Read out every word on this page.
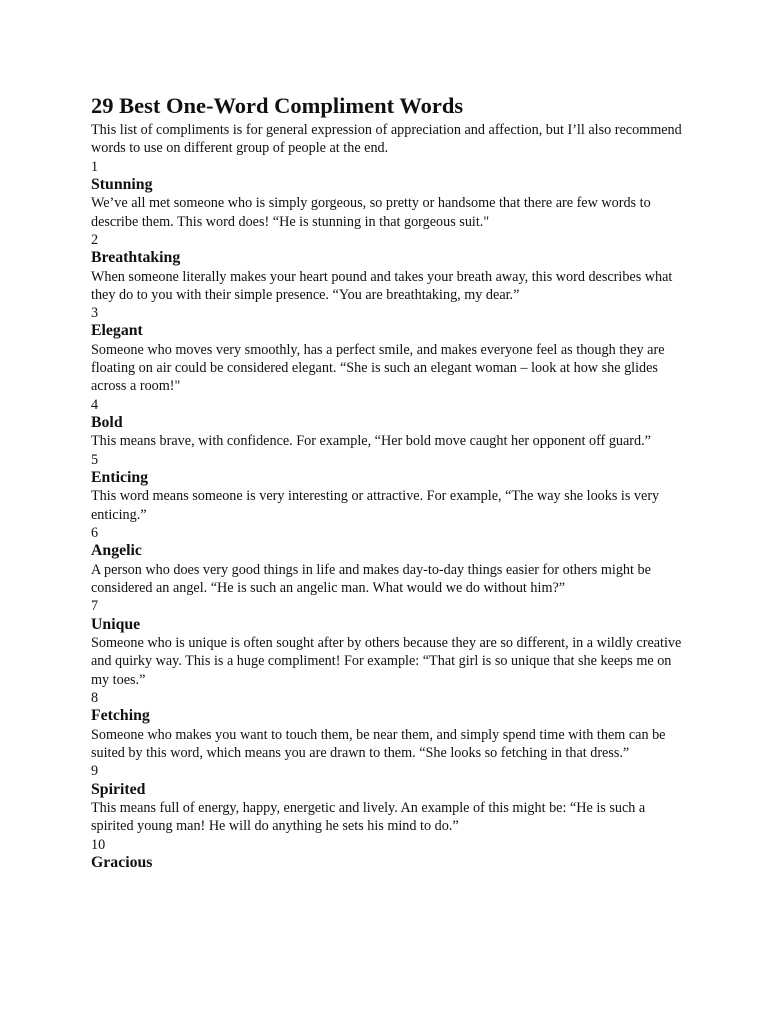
29 Best One-Word Compliment Words

This list of compliments is for general expression of appreciation and affection, but I’ll also recommend words to use on different group of people at the end.

1

Stunning

We’ve all met someone who is simply gorgeous, so pretty or handsome that there are few words to describe them. This word does! “He is stunning in that gorgeous suit."

2

Breathtaking

When someone literally makes your heart pound and takes your breath away, this word describes what they do to you with their simple presence. “You are breathtaking, my dear.”

3

Elegant

Someone who moves very smoothly, has a perfect smile, and makes everyone feel as though they are floating on air could be considered elegant. “She is such an elegant woman – look at how she glides across a room!"

4

Bold

This means brave, with confidence. For example, “Her bold move caught her opponent off guard.”

5

Enticing

This word means someone is very interesting or attractive. For example, “The way she looks is very enticing.”

6

Angelic

A person who does very good things in life and makes day-to-day things easier for others might be considered an angel. “He is such an angelic man. What would we do without him?”

7

Unique

Someone who is unique is often sought after by others because they are so different, in a wildly creative and quirky way. This is a huge compliment! For example: “That girl is so unique that she keeps me on my toes.”

8

Fetching

Someone who makes you want to touch them, be near them, and simply spend time with them can be suited by this word, which means you are drawn to them. “She looks so fetching in that dress.”

9

Spirited

This means full of energy, happy, energetic and lively. An example of this might be: “He is such a spirited young man! He will do anything he sets his mind to do.”

10

Gracious
